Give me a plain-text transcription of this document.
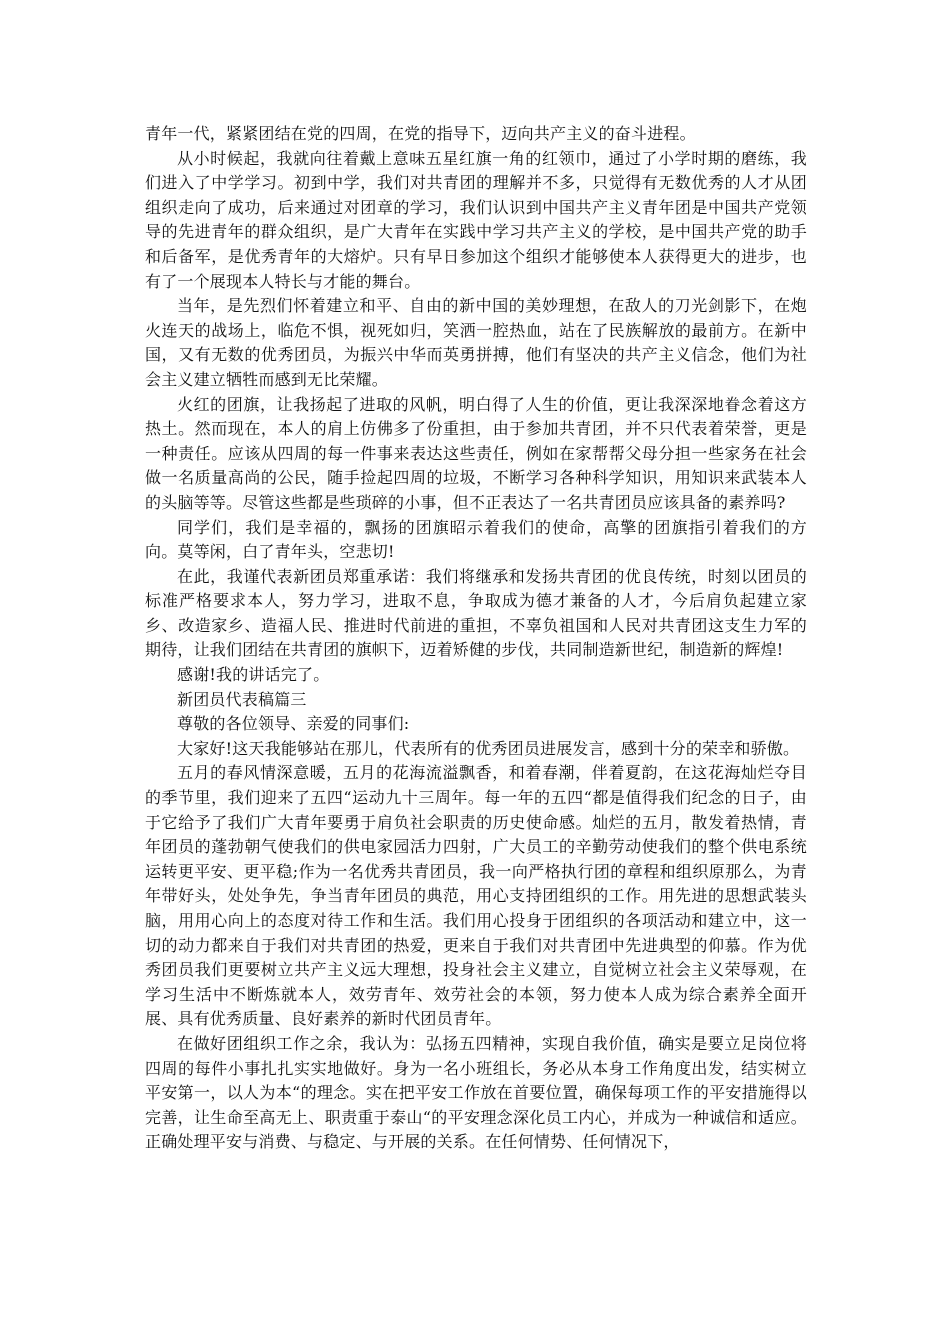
青年一代，紧紧团结在党的四周，在党的指导下，迈向共产主义的奋斗进程。

从小时候起，我就向往着戴上意味五星红旗一角的红领巾，通过了小学时期的磨练，我们进入了中学学习。初到中学，我们对共青团的理解并不多，只觉得有无数优秀的人才从团组织走向了成功，后来通过对团章的学习，我们认识到中国共产主义青年团是中国共产党领导的先进青年的群众组织，是广大青年在实践中学习共产主义的学校，是中国共产党的助手和后备军，是优秀青年的大熔炉。只有早日参加这个组织才能够使本人获得更大的进步，也有了一个展现本人特长与才能的舞台。

当年，是先烈们怀着建立和平、自由的新中国的美妙理想，在敌人的刀光剑影下，在炮火连天的战场上，临危不惧，视死如归，笑洒一腔热血，站在了民族解放的最前方。在新中国，又有无数的优秀团员，为振兴中华而英勇拼搏，他们有坚决的共产主义信念，他们为社会主义建立牺牲而感到无比荣耀。

火红的团旗，让我扬起了进取的风帆，明白得了人生的价值，更让我深深地眷念着这方热土。然而现在，本人的肩上仿佛多了份重担，由于参加共青团，并不只代表着荣誉，更是一种责任。应该从四周的每一件事来表达这些责任，例如在家帮帮父母分担一些家务在社会做一名质量高尚的公民，随手捡起四周的垃圾，不断学习各种科学知识，用知识来武装本人的头脑等等。尽管这些都是些琐碎的小事，但不正表达了一名共青团员应该具备的素养吗?

同学们，我们是幸福的，飘扬的团旗昭示着我们的使命，高擎的团旗指引着我们的方向。莫等闲，白了青年头，空悲切!

在此，我谨代表新团员郑重承诺：我们将继承和发扬共青团的优良传统，时刻以团员的标准严格要求本人，努力学习，进取不息，争取成为德才兼备的人才，今后肩负起建立家乡、改造家乡、造福人民、推进时代前进的重担，不辜负祖国和人民对共青团这支生力军的期待，让我们团结在共青团的旗帜下，迈着矫健的步伐，共同制造新世纪，制造新的辉煌!

感谢!我的讲话完了。

新团员代表稿篇三

尊敬的各位领导、亲爱的同事们:

大家好!这天我能够站在那儿，代表所有的优秀团员进展发言，感到十分的荣幸和骄傲。

五月的春风情深意暖，五月的花海流溢飘香，和着春潮，伴着夏韵，在这花海灿烂夺目的季节里，我们迎来了五四“运动九十三周年。每一年的五四“都是值得我们纪念的日子，由于它给予了我们广大青年要勇于肩负社会职责的历史使命感。灿烂的五月，散发着热情，青年团员的蓬勃朝气使我们的供电家园活力四射，广大员工的辛勤劳动使我们的整个供电系统运转更平安、更平稳;作为一名优秀共青团员，我一向严格执行团的章程和组织原那么，为青年带好头，处处争先，争当青年团员的典范，用心支持团组织的工作。用先进的思想武装头脑，用用心向上的态度对待工作和生活。我们用心投身于团组织的各项活动和建立中，这一切的动力都来自于我们对共青团的热爱，更来自于我们对共青团中先进典型的仰慕。作为优秀团员我们更要树立共产主义远大理想，投身社会主义建立，自觉树立社会主义荣辱观，在学习生活中不断炼就本人，效劳青年、效劳社会的本领，努力使本人成为综合素养全面开展、具有优秀质量、良好素养的新时代团员青年。

在做好团组织工作之余，我认为：弘扬五四精神，实现自我价值，确实是要立足岗位将四周的每件小事扎扎实实地做好。身为一名小班组长，务必从本身工作角度出发，结实树立平安第一，以人为本“的理念。实在把平安工作放在首要位置，确保每项工作的平安措施得以完善，让生命至高无上、职责重于泰山“的平安理念深化员工内心，并成为一种诚信和适应。正确处理平安与消费、与稳定、与开展的关系。在任何情势、任何情况下，
